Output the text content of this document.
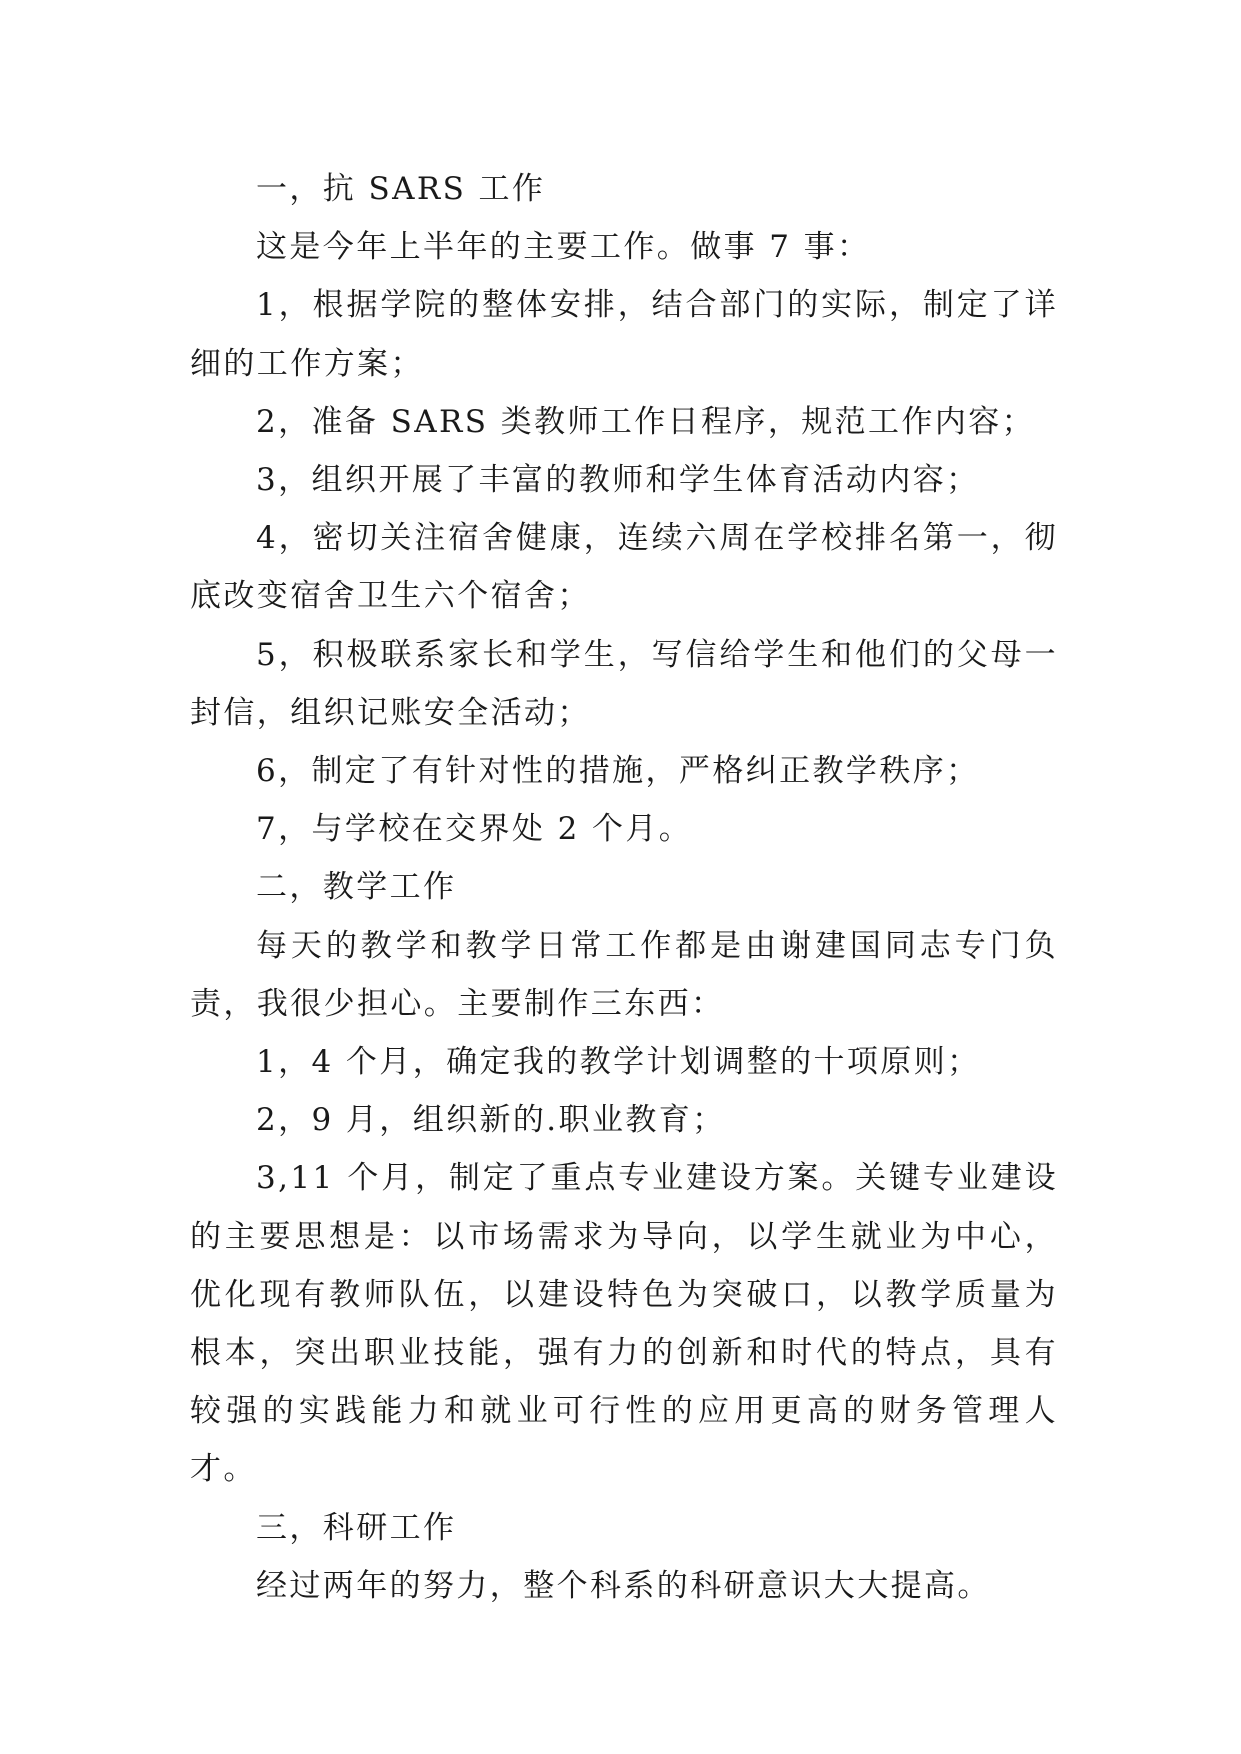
一，抗 SARS 工作

这是今年上半年的主要工作。做事 7 事：

1，根据学院的整体安排，结合部门的实际，制定了详细的工作方案；

2，准备 SARS 类教师工作日程序，规范工作内容；

3，组织开展了丰富的教师和学生体育活动内容；

4，密切关注宿舍健康，连续六周在学校排名第一，彻底改变宿舍卫生六个宿舍；

5，积极联系家长和学生，写信给学生和他们的父母一封信，组织记账安全活动；

6，制定了有针对性的措施，严格纠正教学秩序；

7，与学校在交界处 2 个月。

二，教学工作

每天的教学和教学日常工作都是由谢建国同志专门负责，我很少担心。主要制作三东西：

1，4 个月，确定我的教学计划调整的十项原则；

2，9 月，组织新的.职业教育；

3,11 个月，制定了重点专业建设方案。关键专业建设的主要思想是：以市场需求为导向，以学生就业为中心，优化现有教师队伍，以建设特色为突破口，以教学质量为根本，突出职业技能，强有力的创新和时代的特点，具有较强的实践能力和就业可行性的应用更高的财务管理人才。

三，科研工作

经过两年的努力，整个科系的科研意识大大提高。
